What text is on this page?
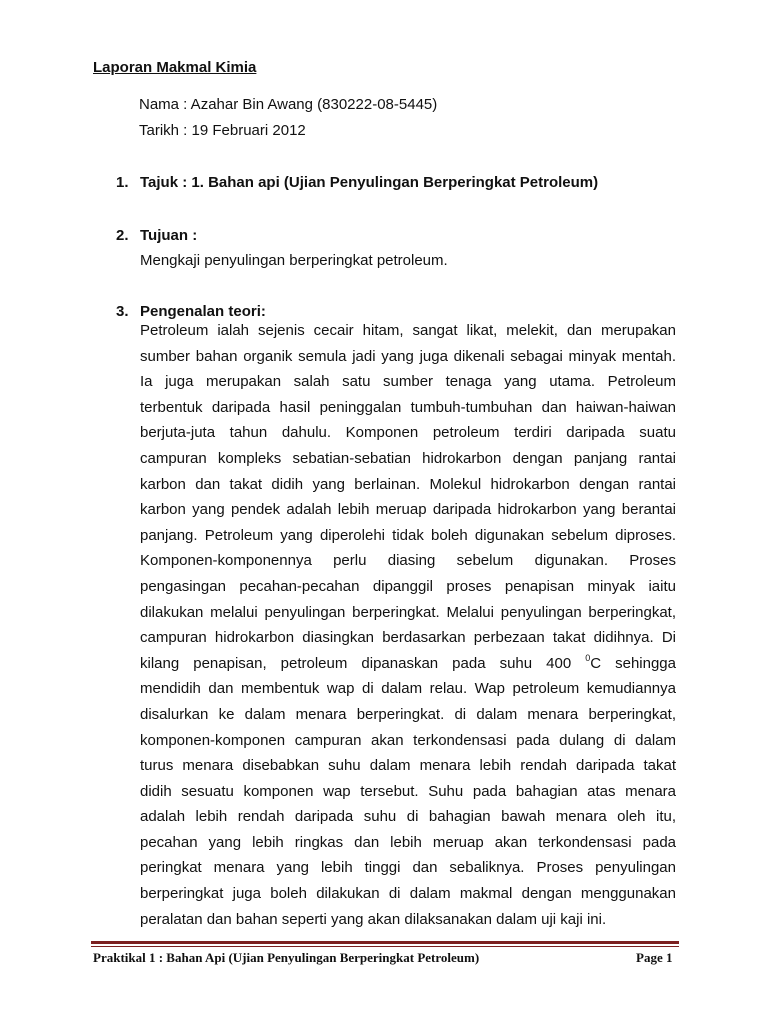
Laporan Makmal Kimia
Nama : Azahar Bin Awang (830222-08-5445)
Tarikh : 19 Februari 2012
1. Tajuk : 1. Bahan api (Ujian Penyulingan Berperingkat Petroleum)
2. Tujuan :

Mengkaji penyulingan berperingkat petroleum.

3. Pengenalan teori:

Petroleum ialah sejenis cecair hitam, sangat likat, melekit, dan merupakan
sumber bahan organik semula jadi yang juga dikenali sebagai minyak mentah.
Ia juga merupakan salah satu sumber tenaga yang utama. Petroleum
terbentuk daripada hasil peninggalan tumbuh-tumbuhan dan haiwan-haiwan
berjuta-juta tahun dahulu. Komponen petroleum terdiri daripada suatu
campuran kompleks sebatian-sebatian hidrokarbon dengan panjang rantai
karbon dan takat didih yang berlainan. Molekul hidrokarbon dengan rantai
karbon yang pendek adalah lebih meruap daripada hidrokarbon yang berantai
panjang. Petroleum yang diperolehi tidak boleh digunakan sebelum diproses.
Komponen-komponennya perlu diasing sebelum digunakan. Proses
pengasingan pecahan-pecahan dipanggil proses penapisan minyak iaitu
dilakukan melalui penyulingan berperingkat. Melalui penyulingan berperingkat,
campuran hidrokarbon diasingkan berdasarkan perbezaan takat didihnya. Di
kilang penapisan, petroleum dipanaskan pada suhu 400 $^0$C sehingga
mendidih dan membentuk wap di dalam relau. Wap petroleum kemudiannya
disalurkan ke dalam menara berperingkat. di dalam menara berperingkat,
komponen-komponen campuran akan terkondensasi pada dulang di dalam
turus menara disebabkan suhu dalam menara lebih rendah daripada takat
didih sesuatu komponen wap tersebut. Suhu pada bahagian atas menara
adalah lebih rendah daripada suhu di bahagian bawah menara oleh itu,
pecahan yang lebih ringkas dan lebih meruap akan terkondensasi pada
peringkat menara yang lebih tinggi dan sebaliknya. Proses penyulingan
berperingkat juga boleh dilakukan di dalam makmal dengan menggunakan
peralatan dan bahan seperti yang akan dilaksanakan dalam uji kaji ini.

Praktikal 1 : Bahan Api (Ujian Penyulingan Berperingkat Petroleum)	Page 1
